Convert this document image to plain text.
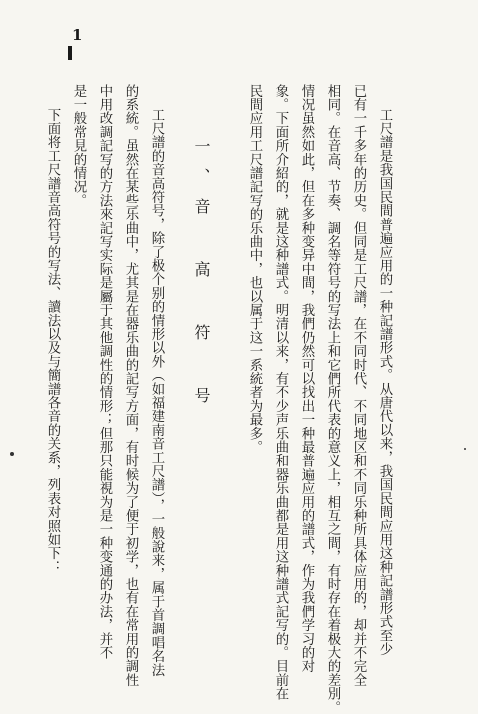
1
工尺譜是我国民間普遍应用的一种記譜形式。从唐代以来，我国民間应用这种記譜形式至少
已有一千多年的历史。但同是工尺譜，在不同时代、不同地区和不同乐种所具体应用的，却并不完全
相同。在音高、节奏、調名等符号的写法上和它們所代表的意义上，相互之間，有时存在着极大的差別。
情况虽然如此，但在多种变异中間，我們仍然可以找出一种最普遍应用的譜式，作为我們学习的对
象。下面所介紹的，就是这种譜式。明清以来，有不少声乐曲和器乐曲都是用这种譜式記写的。目前在
民間应用工尺譜記写的乐曲中，也以属于这一系統者为最多。
一、音 高 符 号
工尺譜的音高符号，除了极个别的情形以外（如福建南音工尺譜），一般說来，属于首調唱名法
的系統。虽然在某些乐曲中，尤其是在器乐曲的記写方面，有时候为了便于初学，也有在常用的調性
中用改調記写的方法來記写实际是屬于其他調性的情形；但那只能視为是一种变通的办法，并不
是一般常見的情况。
下面将工尺譜音高符号的写法、讀法以及与簡譜各音的关系，列表对照如下：
